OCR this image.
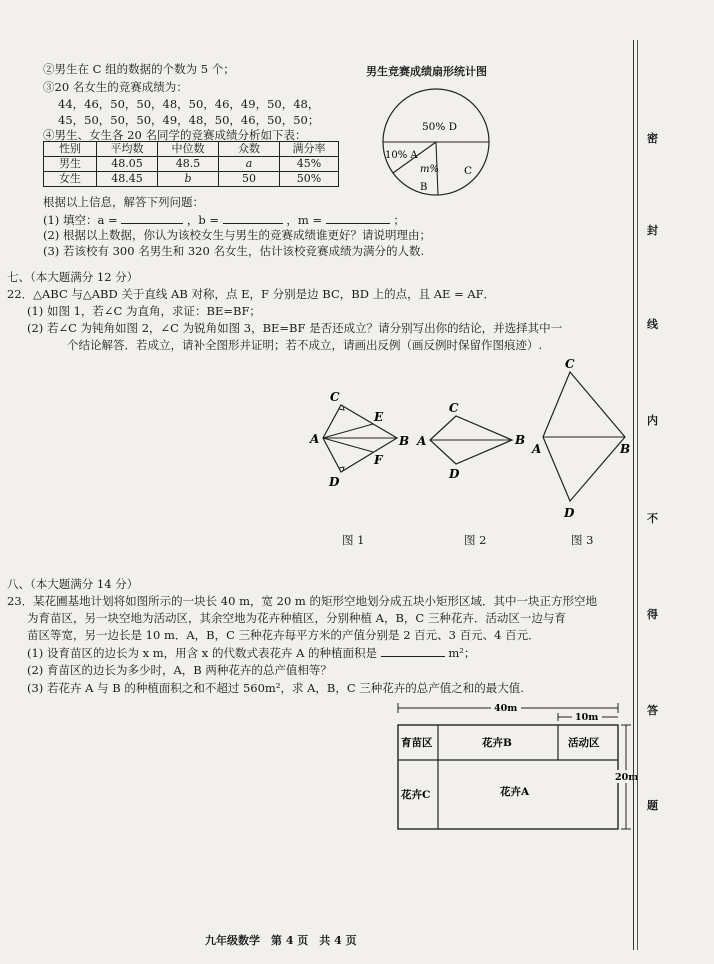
②男生在 C 组的数据的个数为 5 个；
③20 名女生的竞赛成绩为：
44，46，50，50，48，50，46，49，50，48，
45，50，50，50，49，48，50，46，50，50；
④男生、女生各 20 名同学的竞赛成绩分析如下表：
性别	平均数	中位数	众数	满分率
男生	48.05	48.5	a	45%
女生	48.45	b	50	50%
根据以上信息，解答下列问题：
(1) 填空：a =	，b =	，m =	；
(2) 根据以上数据，你认为该校女生与男生的竞赛成绩谁更好？请说明理由；
(3) 若该校有 300 名男生和 320 名女生，估计该校竞赛成绩为满分的人数.
男生竞赛成绩扇形统计图
50% D
10% A
m%
B
C
七、（本大题满分 12 分）
22．△ABC 与△ABD 关于直线 AB 对称，点 E，F 分别是边 BC，BD 上的点，且 AE = AF．
(1) 如图 1，若∠C 为直角，求证：BE=BF；
(2) 若∠C 为钝角如图 2，∠C 为锐角如图 3，BE=BF 是否还成立？请分别写出你的结论，并选择其中一
个结论解答．若成立，请补全图形并证明；若不成立，请画出反例（画反例时保留作图痕迹）.
C
E
A	B
F
D
C
A	B
D
C
A	B
D
图 1	图 2	图 3
八、（本大题满分 14 分）
23．某花圃基地计划将如图所示的一块长 40 m，宽 20 m 的矩形空地划分成五块小矩形区域．其中一块正方形空地
为育苗区，另一块空地为活动区，其余空地为花卉种植区，分别种植 A，B，C 三种花卉．活动区一边与育
苗区等宽，另一边长是 10 m．A，B，C 三种花卉每平方米的产值分别是 2 百元、3 百元、4 百元．
(1) 设育苗区的边长为 x m，用含 x 的代数式表花卉 A 的种植面积是	m²；
(2) 育苗区的边长为多少时，A，B 两种花卉的总产值相等？
(3) 若花卉 A 与 B 的种植面积之和不超过 560m²，求 A，B，C 三种花卉的总产值之和的最大值.
40m
10m
20m
育苗区	花卉B	活动区
花卉C	花卉A
九年级数学　第 4 页　共 4 页
密
封
线
内
不
得
答
题
